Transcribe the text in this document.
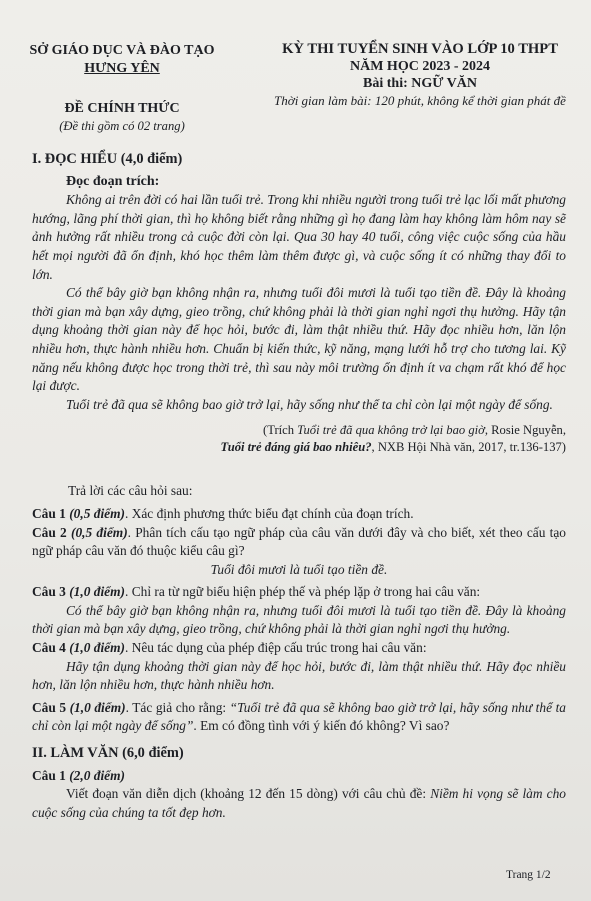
SỞ GIÁO DỤC VÀ ĐÀO TẠO
HƯNG YÊN
ĐỀ CHÍNH THỨC
(Đề thi gồm có 02 trang)
KỲ THI TUYỂN SINH VÀO LỚP 10 THPT
NĂM HỌC 2023 - 2024
Bài thi: NGỮ VĂN
Thời gian làm bài: 120 phút, không kể thời gian phát đề

I. ĐỌC HIỂU (4,0 điểm)

Đọc đoạn trích:

Không ai trên đời có hai lần tuổi trẻ. Trong khi nhiều người trong tuổi trẻ lạc lối mất phương hướng, lãng phí thời gian, thì họ không biết rằng những gì họ đang làm hay không làm hôm nay sẽ ảnh hưởng rất nhiều trong cả cuộc đời còn lại. Qua 30 hay 40 tuổi, công việc cuộc sống của hầu hết mọi người đã ổn định, khó học thêm làm thêm được gì, và cuộc sống ít có những thay đổi to lớn.

Có thể bây giờ bạn không nhận ra, nhưng tuổi đôi mươi là tuổi tạo tiền đề. Đây là khoảng thời gian mà bạn xây dựng, gieo trồng, chứ không phải là thời gian nghỉ ngơi thụ hưởng. Hãy tận dụng khoảng thời gian này để học hỏi, bước đi, làm thật nhiều thứ. Hãy đọc nhiều hơn, lăn lộn nhiều hơn, thực hành nhiều hơn. Chuẩn bị kiến thức, kỹ năng, mạng lưới hỗ trợ cho tương lai. Kỹ năng nếu không được học trong thời trẻ, thì sau này môi trường ổn định ít va chạm rất khó để học lại được.

Tuổi trẻ đã qua sẽ không bao giờ trở lại, hãy sống như thể ta chỉ còn lại một ngày để sống.

(Trích Tuổi trẻ đã qua không trở lại bao giờ, Rosie Nguyễn,
Tuổi trẻ đáng giá bao nhiêu?, NXB Hội Nhà văn, 2017, tr.136-137)

Trả lời các câu hỏi sau:

Câu 1 (0,5 điểm). Xác định phương thức biểu đạt chính của đoạn trích.

Câu 2 (0,5 điểm). Phân tích cấu tạo ngữ pháp của câu văn dưới đây và cho biết, xét theo cấu tạo ngữ pháp câu văn đó thuộc kiểu câu gì?

Tuổi đôi mươi là tuổi tạo tiền đề.

Câu 3 (1,0 điểm). Chỉ ra từ ngữ biểu hiện phép thế và phép lặp ở trong hai câu văn:

Có thể bây giờ bạn không nhận ra, nhưng tuổi đôi mươi là tuổi tạo tiền đề. Đây là khoảng thời gian mà bạn xây dựng, gieo trồng, chứ không phải là thời gian nghỉ ngơi thụ hưởng.

Câu 4 (1,0 điểm). Nêu tác dụng của phép điệp cấu trúc trong hai câu văn:

Hãy tận dụng khoảng thời gian này để học hỏi, bước đi, làm thật nhiều thứ. Hãy đọc nhiều hơn, lăn lộn nhiều hơn, thực hành nhiều hơn.

Câu 5 (1,0 điểm). Tác giả cho rằng: “Tuổi trẻ đã qua sẽ không bao giờ trở lại, hãy sống như thể ta chỉ còn lại một ngày để sống”. Em có đồng tình với ý kiến đó không? Vì sao?

II. LÀM VĂN (6,0 điểm)

Câu 1 (2,0 điểm)

Viết đoạn văn diễn dịch (khoảng 12 đến 15 dòng) với câu chủ đề: Niềm hi vọng sẽ làm cho cuộc sống của chúng ta tốt đẹp hơn.

Trang 1/2
